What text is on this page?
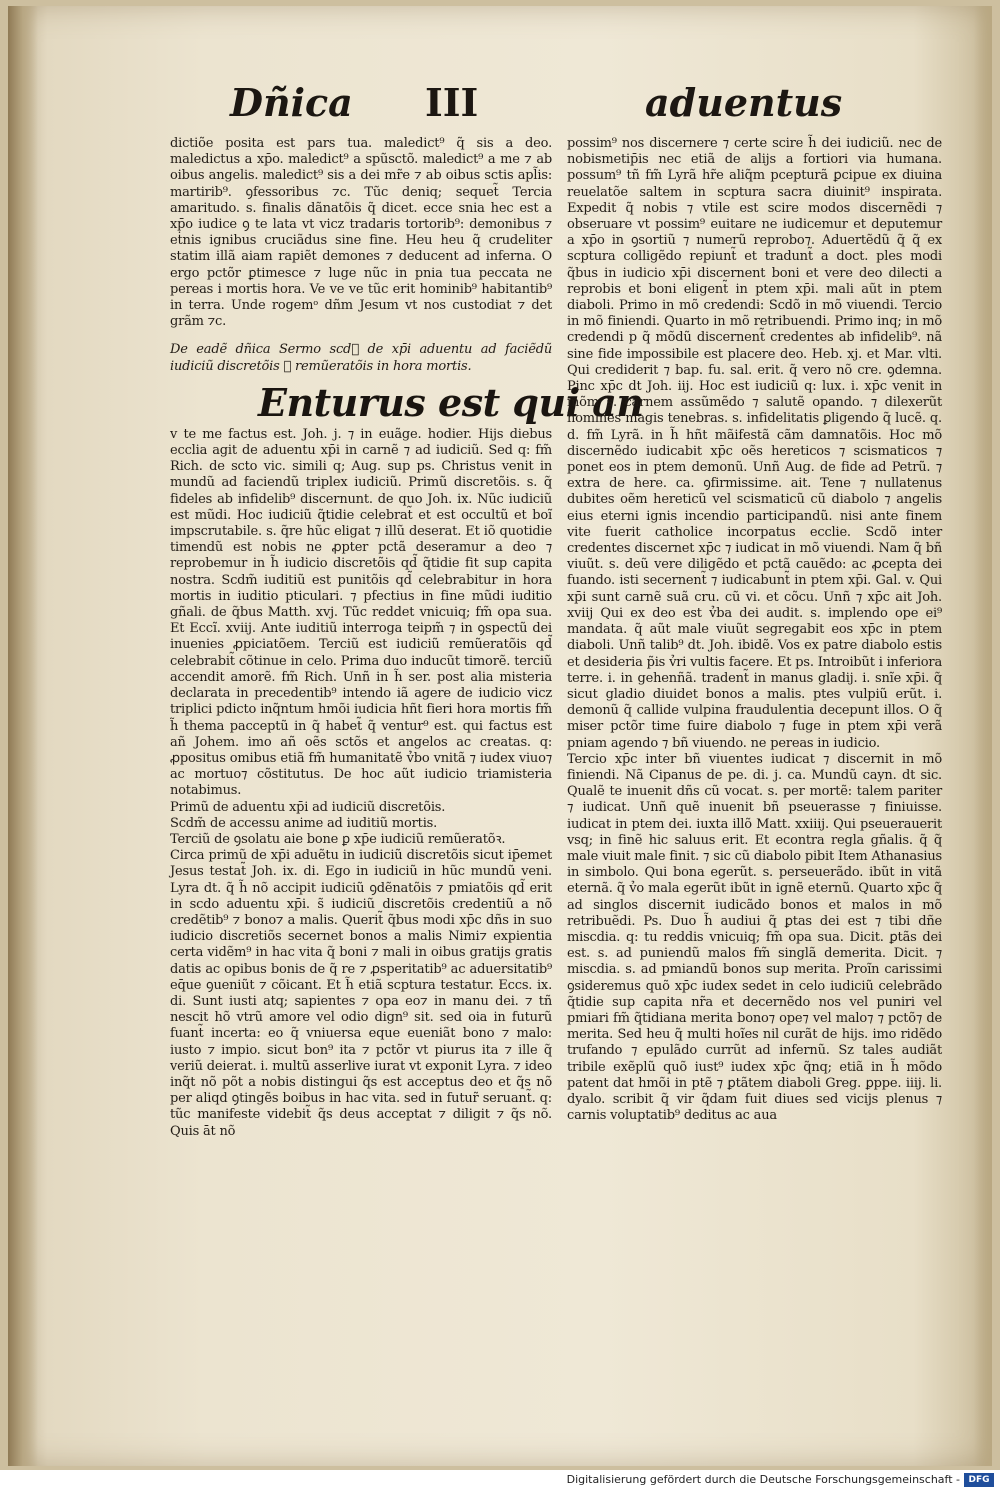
Dñica III	aduentus

dictiõe posita est pars tua. maledict⁹ q̃ sis a deo. maledictus a xp̄o. maledict⁹ a spũsctõ. maledict⁹ a me ⁊ ab oibus angelis. maledict⁹ sis a dei mr̃e ⁊ ab oibus sctis apl̃is: martirib⁹. ꝯfessoribus ⁊c. Tũc deniq; sequet̃ Tercia amaritudo. s. finalis dãnatõis q̃ dicet. ecce snia hec est a xp̄o iudice ꝯ te lata vt vicz tradaris tortorib⁹: demonibus ⁊ eṫnis ignibus cruciãdus sine fine. Heu heu q̃ crudeliter statim illã aiam rapiẽt demones ⁊ deducent ad inferna. O ergo pctõr ꝑtimesce ⁊ luge nũc in pnia tua peccata ne pereas i mortis hora. Ve ve ve tũc erit hominib⁹ habitantib⁹ in terra. Unde rogemᵒ dñm Jesum vt nos custodiat ⁊ det grãm ⁊c.

De eadẽ dñica Sermo scdᷤ de xp̄i aduentu ad faciẽdũ iudiciũ discretõis ⁊ remũeratõis in hora mortis.

Enturus est qui an

v te me factus est. Joh. j. ⁊ in euãge. hodier. Hijs diebus ecclia agit de aduentu xp̄i in carnẽ ⁊ ad iudiciũ. Sed q: fm̃ Rich. de scto vic. simili q; Aug. sup ps. Christus venit in mundũ ad faciendũ triplex iudiciũ. Primũ discretõis. s. q̃ fideles ab infidelib⁹ discernunt. de quo Joh. ix. Nũc iudiciũ est mũdi. Hoc iudiciũ q̃tidie celebrat̃ et est occultũ et boĩ impscrutabile. s. q̃re hũc eligat ⁊ illũ deserat. Et iõ quotidie timendũ est nobis ne ꝓpter pctã deseramur a deo ⁊ reprobemur in h̃ iudicio discretõis qd̃ q̃tidie fit sup capita nostra. Scdm̃ iuditiũ est punitõis qd̃ celebrabitur in hora mortis in iuditio pticulari. ⁊ pfectius in fine mũdi iuditio gñali. de q̃bus Matth. xvj. Tũc reddet vnicuiq; fm̃ opa sua. Et Eccĩ. xviij. Ante iuditiũ interroga teipm̃ ⁊ in ꝯspectũ dei inuenies ꝓpiciatõem. Terciũ est iudiciũ remũeratõis qd̃ celebrabit̃ cõtinue in celo. Prima duo inducũt timorẽ. terciũ accendit amorẽ. fm̃ Rich. Unñ in h̃ ser. post alia misteria declarata in precedentib⁹ intendo iã agere de iudicio vicz triplici pdicto inq̃ntum hmõi iudicia hñt fieri hora mortis fm̃ h̃ thema pacceptũ in q̃ habet̃ q̃ ventur⁹ est. qui factus est añ Johem. imo añ oẽs sctõs et angelos ac creatas. q: ꝓpositus omibus etiã fm̃ humanitatẽ v̉bo vnitã ⁊ iudex viuo⁊ ac mortuo⁊ cõstitutus. De hoc aũt iudicio triamisteria notabimus.

Primũ de aduentu xp̄i ad iudiciũ discretõis.

Scdm̃ de accessu anime ad iuditiũ mortis.

Terciũ de ꝯsolatu aie bone ꝑ xp̄e iudiciũ remũeratõꝛ.

Circa primũ de xp̄i aduẽtu in iudiciũ discretõis sicut ip̄emet Jesus testat̃ Joh. ix. di. Ego in iudiciũ in hũc mundũ veni. Lyra dt. q̃ h̃ nõ accipit iudiciũ ꝯdẽnatõis ⁊ pmiatõis qd̃ erit in scdo aduentu xp̄i. s̃ iudiciũ discretõis credentiũ a nõ credẽtib⁹ ⁊ bono⁊ a malis. Querit̃ q̃bus modi xp̄c dñs in suo iudicio discretiõs secernet bonos a malis Nimi⁊ expientia certa vidẽm⁹ in hac vita q̃ boni ⁊ mali in oibus gratijs gratis datis ac opibus bonis de q̃ re ⁊ ꝓsperitatib⁹ ac aduersitatib⁹ eq̄ue ꝯueniũt ⁊ cõicant. Et h̃ etiã scptura testatur. Eccs. ix. di. Sunt iusti atq; sapientes ⁊ opa eo⁊ in manu dei. ⁊ tñ nescit hõ vtrũ amore vel odio dign⁹ sit. sed oia in futurũ fuant̃ incerta: eo q̃ vniuersa eque eueniãt bono ⁊ malo: iusto ⁊ impio. sicut bon⁹ ita ⁊ pctõr vt piurus ita ⁊ ille q̃ veriũ deierat. i. multũ asserlive iurat vt exponit Lyra. ⁊ ideo inq̃t nõ põt a nobis distingui q̃s est acceptus deo et q̃s nõ per aliqd ꝯtingẽs boibus in hac vita. sed in futur̃ seruant̃. q: tũc manifeste videbit̃ q̃s deus acceptat ⁊ diligit ⁊ q̃s nõ. Quis āt nõ

possim⁹ nos discernere ⁊ certe scire h̃ dei iudiciũ. nec de nobismetip̄is nec etiã de alijs a fortiori via humana. possum⁹ tñ fm̃ Lyrã hr̃e aliq̃m pcepturã ꝑcipue ex diuina reuelatõe saltem in scptura sacra diuinit⁹ inspirata. Expedit q̃ nobis ⁊ vtile est scire modos discernẽdi ⁊ obseruare vt possim⁹ euitare ne iudicemur et deputemur a xp̄o in ꝯsortiũ ⁊ numerũ reprobo⁊. Aduertẽdũ q̃ q̃ ex scptura colligẽdo repiunt̃ et tradunt̃ a doct. ples modi q̃bus in iudicio xp̄i discernent boni et vere deo dilecti a reprobis et boni eligent̃ in ptem xp̄i. mali aũt in ptem diaboli. Primo in mõ credendi: Scdõ in mõ viuendi. Tercio in mõ finiendi. Quarto in mõ retribuendi. Primo inq; in mõ credendi p q̃ mõdũ discernent̃ credentes ab infidelib⁹. nã sine fide impossibile est placere deo. Heb. xj. et Mar. vlti. Qui crediderit ⁊ bap. fu. sal. erit. q̃ vero nõ cre. ꝯdemna. Pinc xp̄c dt Joh. iij. Hoc est iudiciũ q: lux. i. xp̄c venit in mõm s. carnem assũmẽdo ⁊ salutẽ opando. ⁊ dilexerũt homines magis tenebras. s. infidelitatis ꝑligendo q̃ lucẽ. q. d. fm̃ Lyrã. in h̃ hñt mãifestã cãm damnatõis. Hoc mõ discernẽdo iudicabit xp̄c oẽs hereticos ⁊ scismaticos ⁊ ponet eos in ptem demonũ. Unñ Aug. de fide ad Petrũ. ⁊ extra de here. ca. ꝯfirmissime. ait. Tene ⁊ nullatenus dubites oẽm hereticũ vel scismaticũ cũ diabolo ⁊ angelis eius eterni ignis incendio participandũ. nisi ante finem vite fuerit catholice incorpatus ecclie. Scdõ inter credentes discernet xp̄c ⁊ iudicat in mõ viuendi. Nam q̃ bñ viuũt. s. deũ vere diligẽdo et pctã cauẽdo: ac ꝓcepta dei fuando. isti secernent̃ ⁊ iudicabunt̃ in ptem xp̄i. Gal. v. Qui xp̄i sunt carnẽ suã cru. cũ vi. et cõcu. Unñ ⁊ xp̄c ait Joh. xviij Qui ex deo est v̉ba dei audit. s. implendo ope ei⁹ mandata. q̃ aũt male viuũt segregabit eos xp̄c in ptem diaboli. Unñ talib⁹ dt. Joh. ibidẽ. Vos ex patre diabolo estis et desideria p̃is v̉ri vultis facere. Et ps. Introibũt i inferiora terre. i. in gehenñã. tradent̃ in manus gladij. i. snĩe xp̄i. q̃ sicut gladio diuidet bonos a malis. ptes vulpiũ erũt. i. demonũ q̃ callide vulpina fraudulentia decepunt illos. O q̃ miser pctõr time fuire diabolo ⁊ fuge in ptem xp̄i verã pniam agendo ⁊ bñ viuendo. ne pereas in iudicio.

Tercio xp̄c inter bñ viuentes iudicat ⁊ discernit in mõ finiendi. Nã Cipanus de pe. di. j. ca. Mundũ cayn. dt sic. Qualẽ te inuenit dñs cũ vocat. s. per mortẽ: talem pariter ⁊ iudicat. Unñ quẽ inuenit bñ pseuerasse ⁊ finiuisse. iudicat in ptem dei. iuxta illõ Matt. xxiiij. Qui pseuerauerit vsq; in finẽ hic saluus erit. Et econtra regla gñalis. q̃ q̃ male viuit male finit. ⁊ sic cũ diabolo pibit Item Athanasius in simbolo. Qui bona egerũt. s. perseuerãdo. ibũt in vitã eternã. q̃ v̉o mala egerũt ibũt in ignẽ eternũ. Quarto xp̄c q̃ ad singlos discernit iudicãdo bonos et malos in mõ retribuẽdi. Ps. Duo h̃ audiui q̃ ꝑtas dei est ⁊ tibi dñe miscdia. q: tu reddis vnicuiq; fm̃ opa sua. Dicit. ꝑtãs dei est. s. ad puniendũ malos fm̃ singlã demerita. Dicit. ⁊ miscdia. s. ad pmiandũ bonos sup merita. Proĩn carissimi ꝯsideremus quõ xp̄c iudex sedet in celo iudiciũ celebrãdo q̃tidie sup capita nr̃a et decernẽdo nos vel puniri vel pmiari fm̃ q̃tidiana merita bono⁊ ope⁊ vel malo⁊ ⁊ pctõ⁊ de merita. Sed heu q̃ multi hoĩes nil curãt de hijs. imo ridẽdo trufando ⁊ epulãdo currũt ad infernũ. Sz tales audiãt tribile exẽplũ quõ iust⁹ iudex xp̄c q̃nq; etiã in h̃ mõdo patent dat hmõi in ptẽ ⁊ ꝑtãtem diaboli Greg. ꝑppe. iiij. li. dyalo. scribit q̃ vir q̃dam fuit diues sed vicijs plenus ⁊ carnis voluptatib⁹ deditus ac aua

Digitalisierung gefördert durch die Deutsche Forschungsgemeinschaft - DFG
